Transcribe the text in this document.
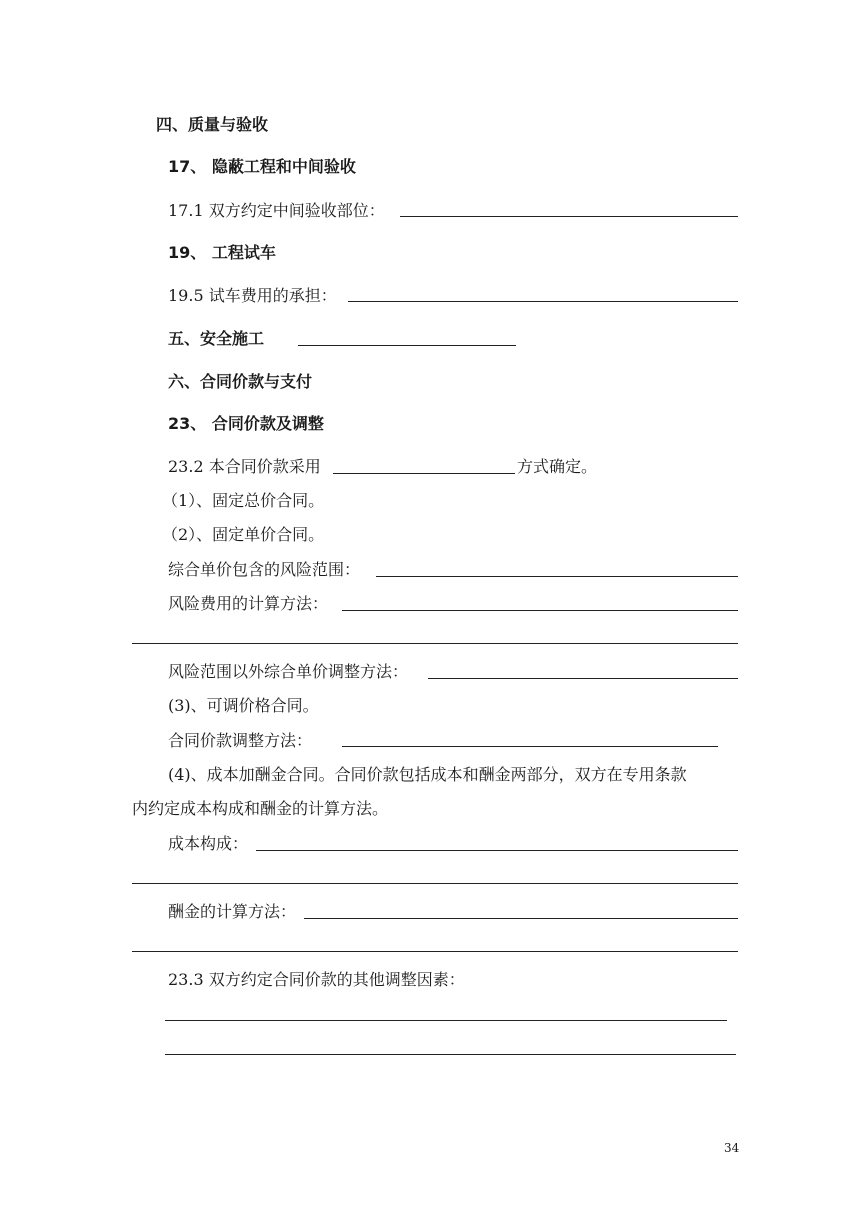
四、质量与验收
17、 隐蔽工程和中间验收
17.1 双方约定中间验收部位：
19、 工程试车
19.5 试车费用的承担：
五、安全施工
六、合同价款与支付
23、 合同价款及调整
23.2 本合同价款采用	方式确定。
（1）、固定总价合同。
（2）、固定单价合同。
综合单价包含的风险范围：
风险费用的计算方法：
风险范围以外综合单价调整方法：
(3)、可调价格合同。
合同价款调整方法：
(4)、成本加酬金合同。合同价款包括成本和酬金两部分，双方在专用条款
内约定成本构成和酬金的计算方法。
成本构成：
酬金的计算方法：
23.3 双方约定合同价款的其他调整因素：
34
